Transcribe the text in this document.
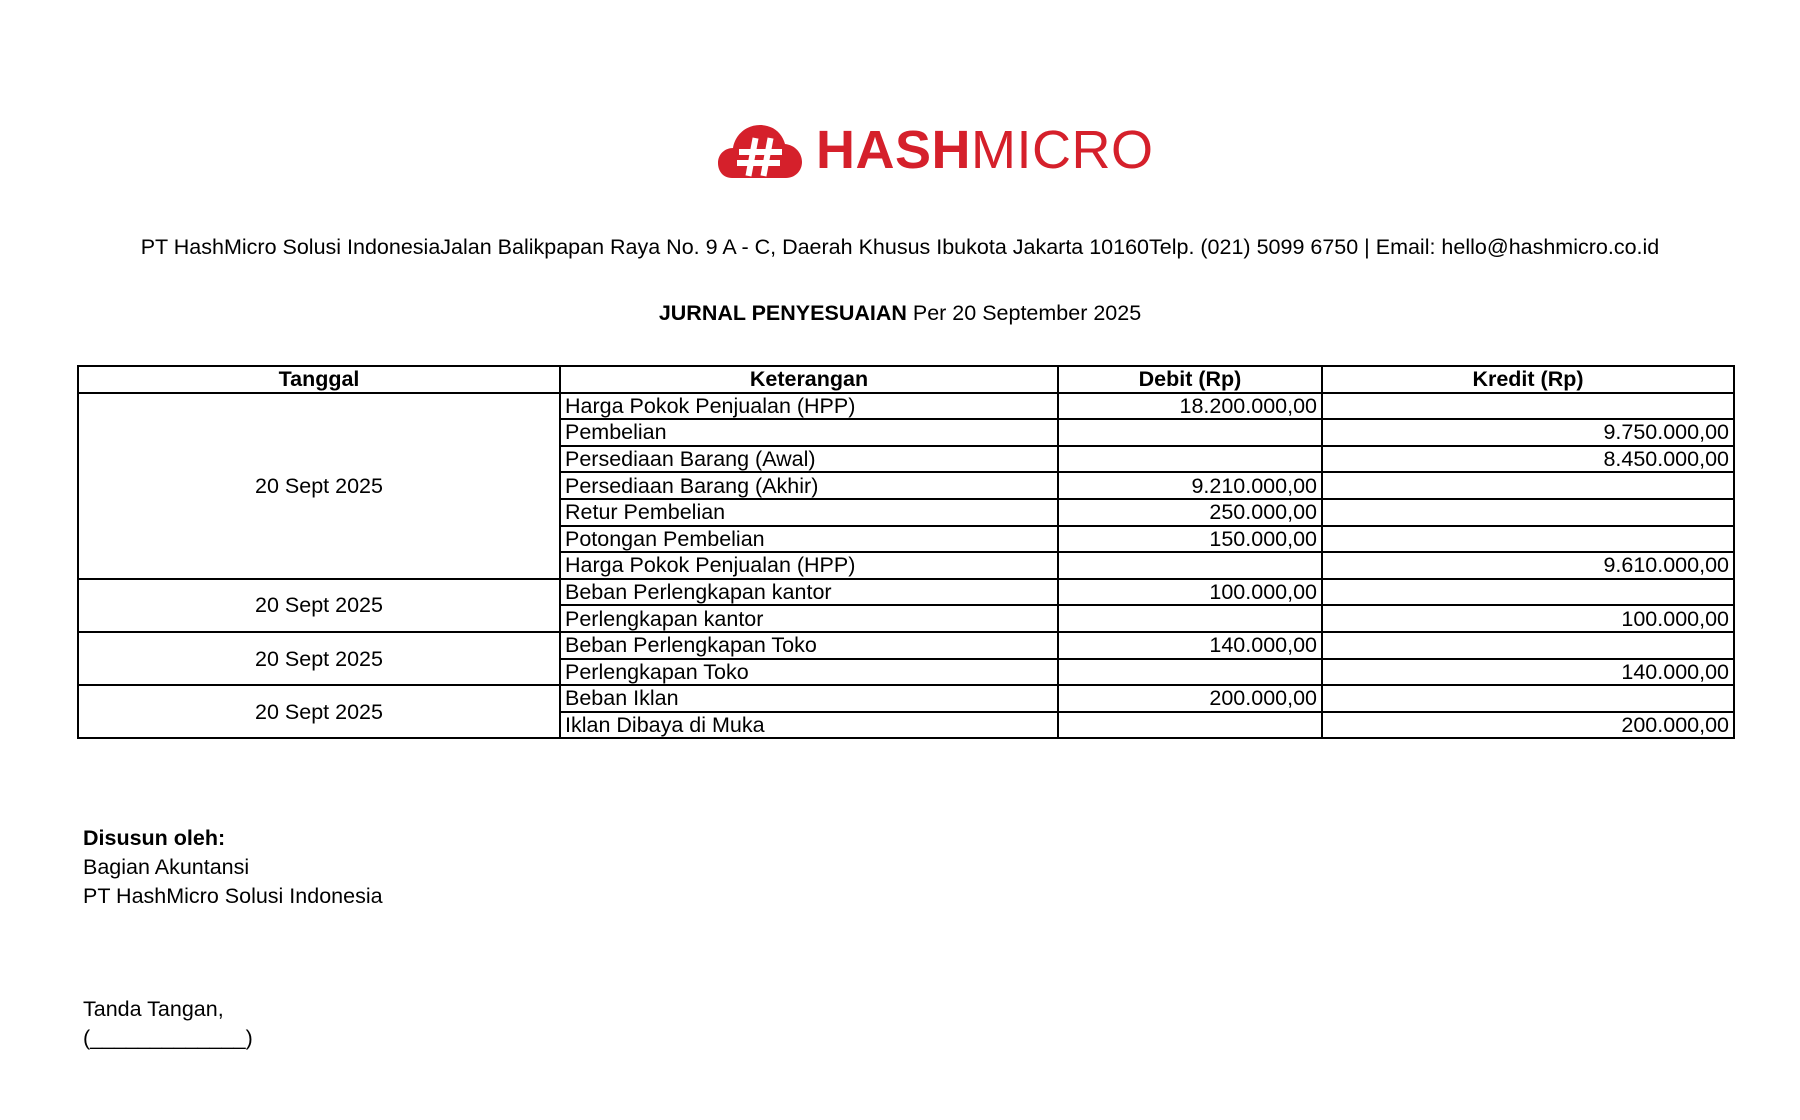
HASHMICRO
PT HashMicro Solusi IndonesiaJalan Balikpapan Raya No. 9 A - C, Daerah Khusus Ibukota Jakarta 10160Telp. (021) 5099 6750 | Email: hello@hashmicro.co.id
JURNAL PENYESUAIAN Per 20 September 2025
Tanggal	Keterangan	Debit (Rp)	Kredit (Rp)
20 Sept 2025	Harga Pokok Penjualan (HPP)	18.200.000,00	
	Pembelian		9.750.000,00
	Persediaan Barang (Awal)		8.450.000,00
	Persediaan Barang (Akhir)	9.210.000,00	
	Retur Pembelian	250.000,00	
	Potongan Pembelian	150.000,00	
	Harga Pokok Penjualan (HPP)		9.610.000,00
20 Sept 2025	Beban Perlengkapan kantor	100.000,00	
	Perlengkapan kantor		100.000,00
20 Sept 2025	Beban Perlengkapan Toko	140.000,00	
	Perlengkapan Toko		140.000,00
20 Sept 2025	Beban Iklan	200.000,00	
	Iklan Dibaya di Muka		200.000,00
Disusun oleh:
Bagian Akuntansi
PT HashMicro Solusi Indonesia
Tanda Tangan,
(_____________)
